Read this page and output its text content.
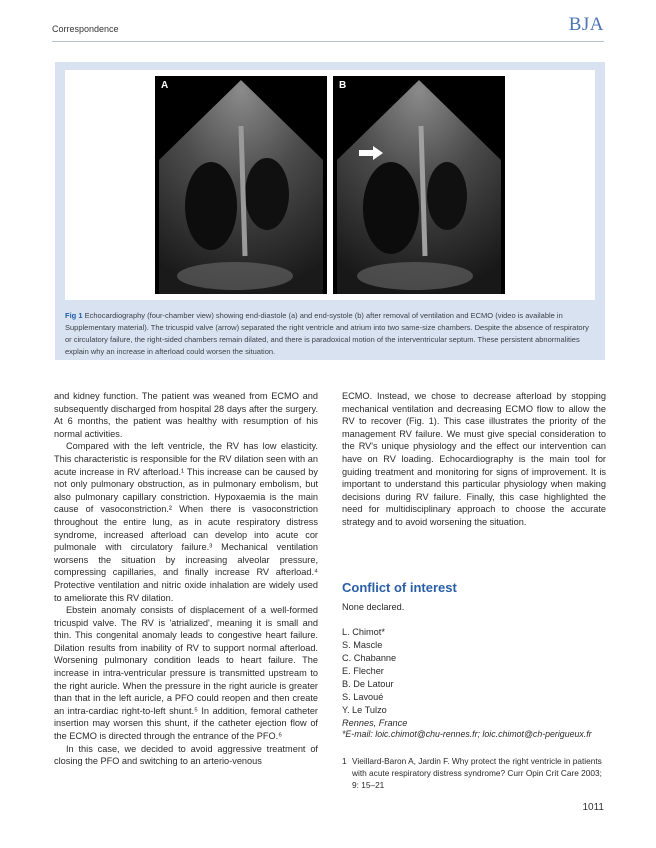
Correspondence	BJA
A	B
Fig 1 Echocardiography (four-chamber view) showing end-diastole (a) and end-systole (b) after removal of ventilation and ECMO (video is available in Supplementary material). The tricuspid valve (arrow) separated the right ventricle and atrium into two same-size chambers. Despite the absence of respiratory or circulatory failure, the right-sided chambers remain dilated, and there is paradoxical motion of the interventricular septum. These persistent abnormalities explain why an increase in afterload could worsen the situation.

and kidney function. The patient was weaned from ECMO and subsequently discharged from hospital 28 days after the surgery. At 6 months, the patient was healthy with resumption of his normal activities.

Compared with the left ventricle, the RV has low elasticity. This characteristic is responsible for the RV dilation seen with an acute increase in RV afterload.¹ This increase can be caused by not only pulmonary obstruction, as in pulmonary embolism, but also pulmonary capillary constriction. Hypoxaemia is the main cause of vasoconstriction.² When there is vasoconstriction throughout the entire lung, as in acute respiratory distress syndrome, increased afterload can develop into acute cor pulmonale with circulatory failure.³ Mechanical ventilation worsens the situation by increasing alveolar pressure, compressing capillaries, and finally increase RV afterload.⁴ Protective ventilation and nitric oxide inhalation are widely used to ameliorate this RV dilation.

Ebstein anomaly consists of displacement of a well-formed tricuspid valve. The RV is 'atrialized', meaning it is small and thin. This congenital anomaly leads to congestive heart failure. Dilation results from inability of RV to support normal afterload. Worsening pulmonary condition leads to heart failure. The increase in intra-ventricular pressure is transmitted upstream to the right auricle. When the pressure in the right auricle is greater than that in the left auricle, a PFO could reopen and then create an intra-cardiac right-to-left shunt.⁵ In addition, femoral catheter insertion may worsen this shunt, if the catheter ejection flow of the ECMO is directed through the entrance of the PFO.⁶

In this case, we decided to avoid aggressive treatment of closing the PFO and switching to an arterio-venous

ECMO. Instead, we chose to decrease afterload by stopping mechanical ventilation and decreasing ECMO flow to allow the RV to recover (Fig. 1). This case illustrates the priority of the management RV failure. We must give special consideration to the RV's unique physiology and the effect our intervention can have on RV loading. Echocardiography is the main tool for guiding treatment and monitoring for signs of improvement. It is important to understand this particular physiology when making decisions during RV failure. Finally, this case highlighted the need for multidisciplinary approach to choose the accurate strategy and to avoid worsening the situation.

Conflict of interest
None declared.
L. Chimot*
S. Mascle
C. Chabanne
E. Flecher
B. De Latour
S. Lavoué
Y. Le Tulzo
Rennes, France
*E-mail: loic.chimot@chu-rennes.fr; loic.chimot@ch-perigueux.fr
1 Vieillard-Baron A, Jardin F. Why protect the right ventricle in patients with acute respiratory distress syndrome? Curr Opin Crit Care 2003; 9: 15–21
1011
